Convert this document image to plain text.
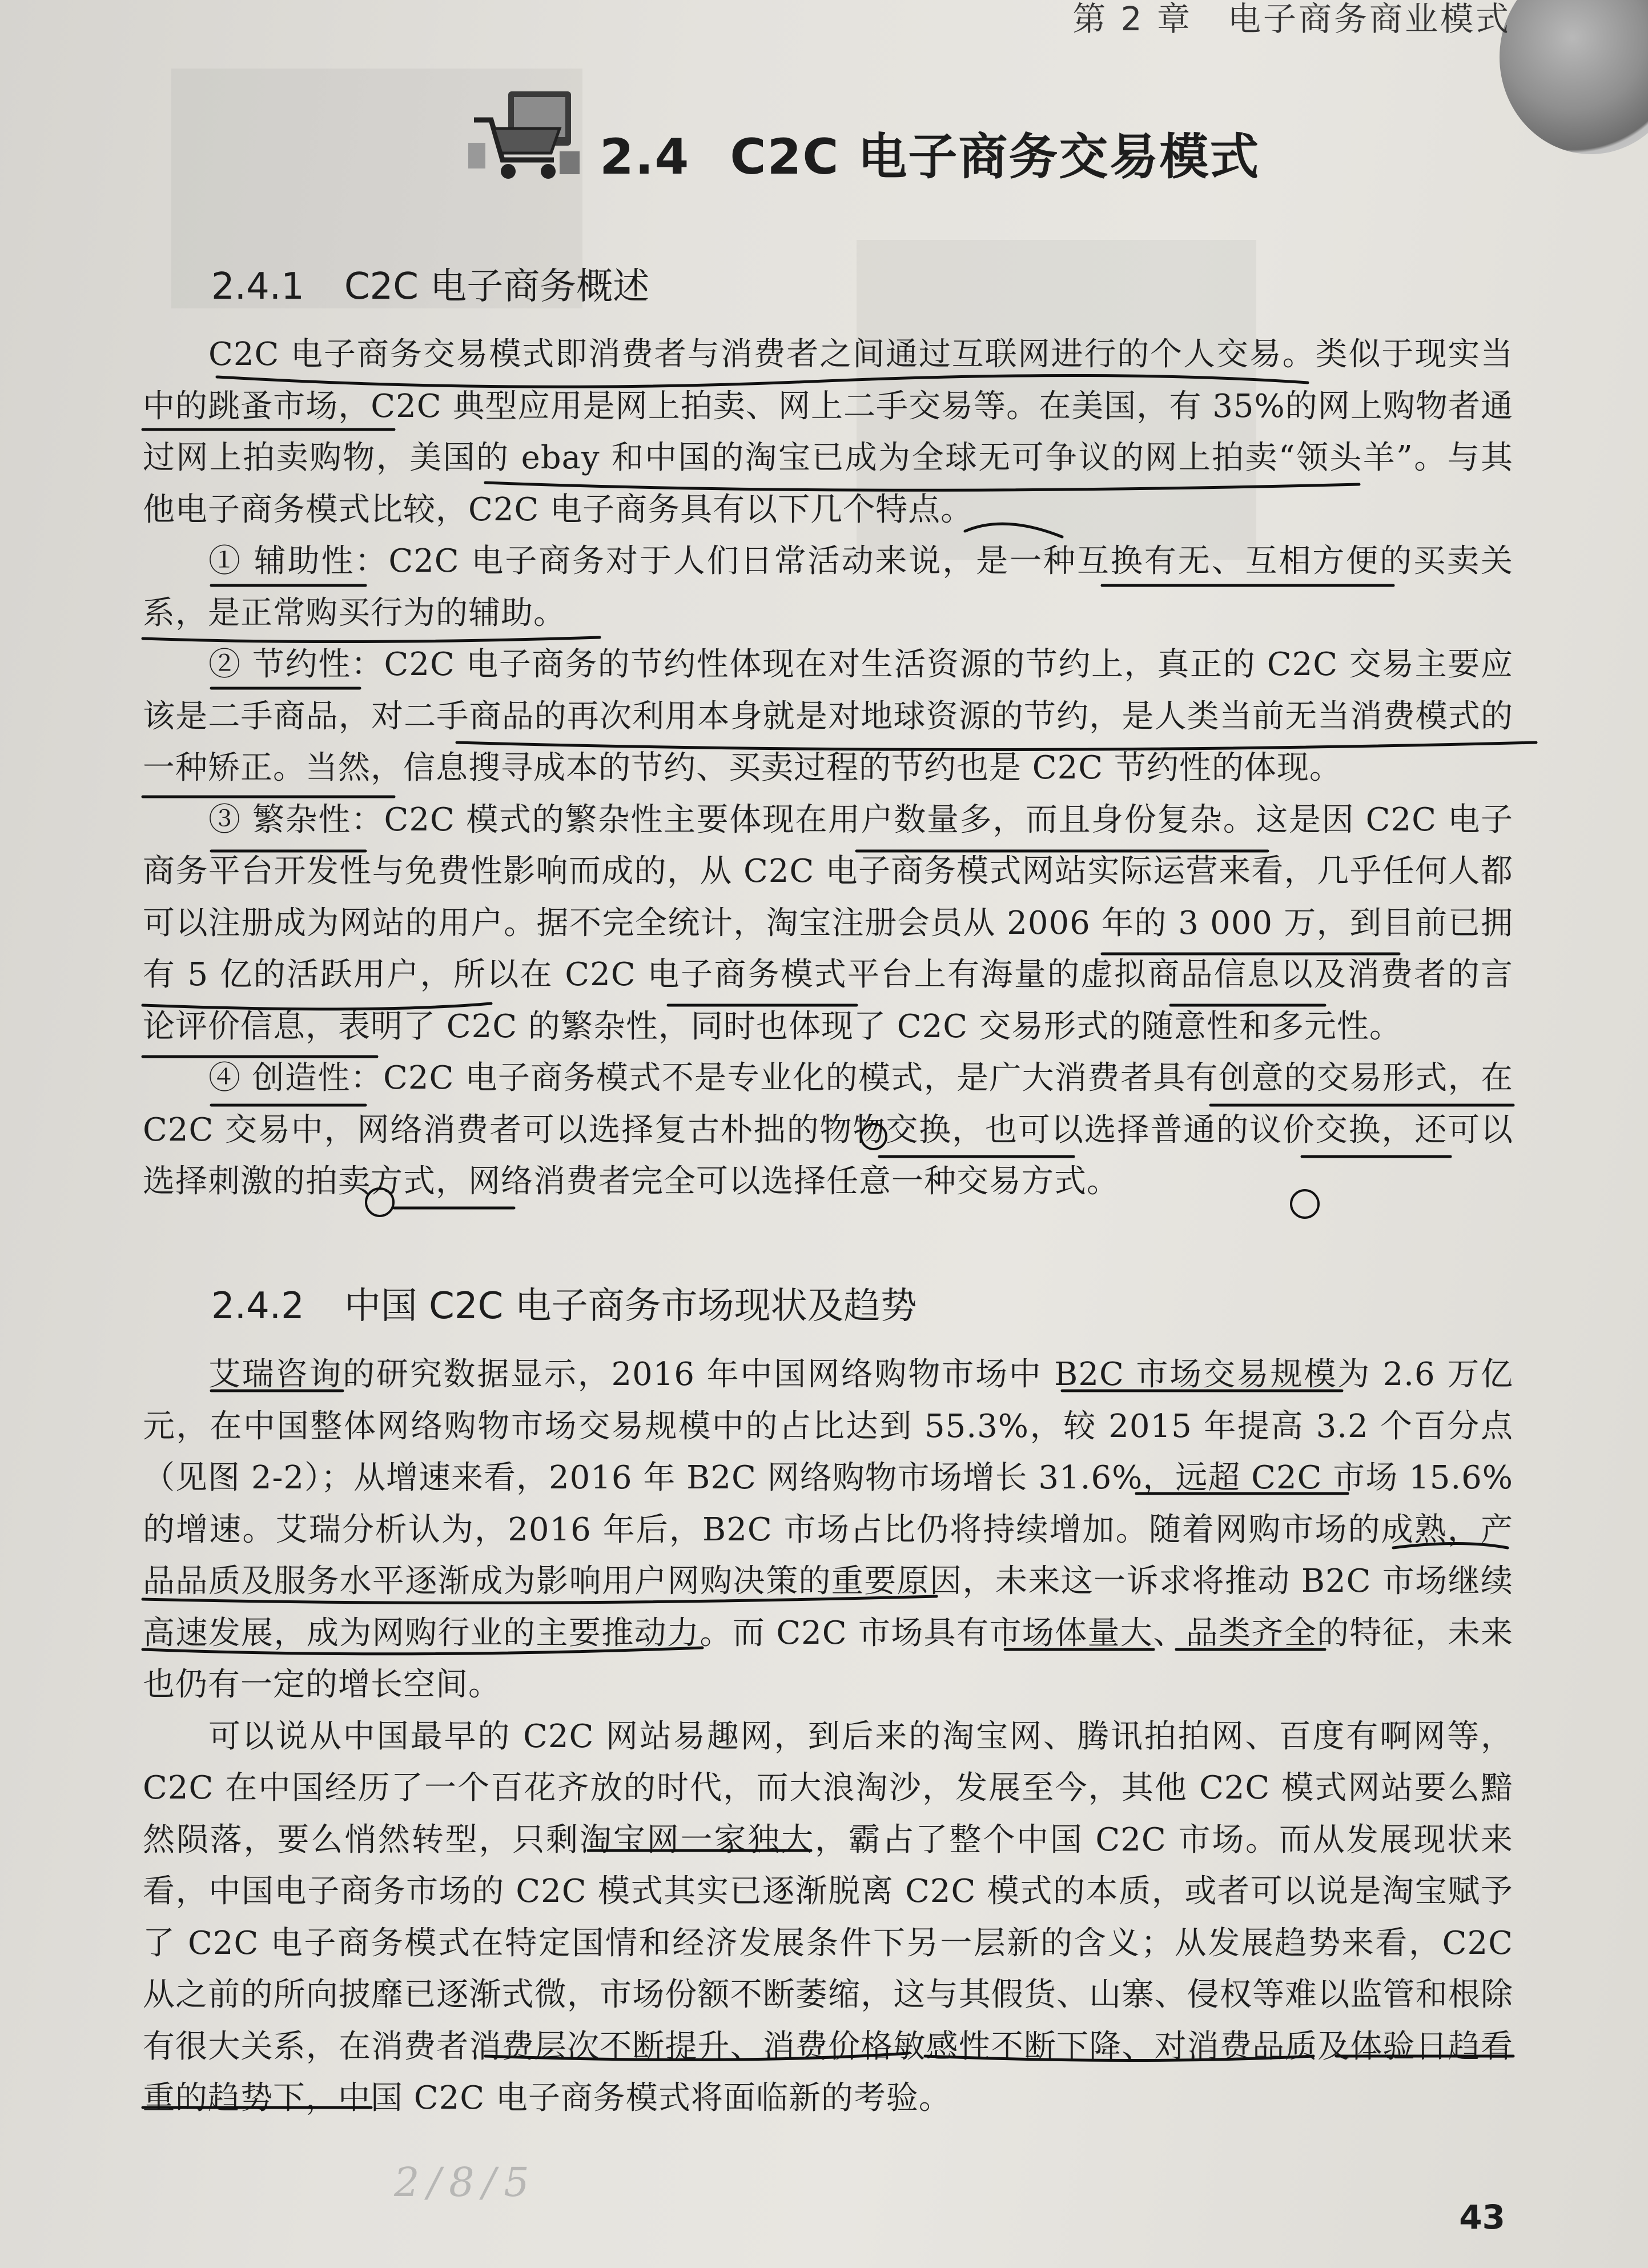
第 2 章　电子商务商业模式
2.4 C2C 电子商务交易模式
2.4.1 C2C 电子商务概述

C2C 电子商务交易模式即消费者与消费者之间通过互联网进行的个人交易。类似于现实当中的跳蚤市场，C2C 典型应用是网上拍卖、网上二手交易等。在美国，有 35%的网上购物者通过网上拍卖购物，美国的 ebay 和中国的淘宝已成为全球无可争议的网上拍卖“领头羊”。与其他电子商务模式比较，C2C 电子商务具有以下几个特点。

① 辅助性：C2C 电子商务对于人们日常活动来说，是一种互换有无、互相方便的买卖关系，是正常购买行为的辅助。

② 节约性：C2C 电子商务的节约性体现在对生活资源的节约上，真正的 C2C 交易主要应该是二手商品，对二手商品的再次利用本身就是对地球资源的节约，是人类当前无当消费模式的一种矫正。当然，信息搜寻成本的节约、买卖过程的节约也是 C2C 节约性的体现。

③ 繁杂性：C2C 模式的繁杂性主要体现在用户数量多，而且身份复杂。这是因 C2C 电子商务平台开发性与免费性影响而成的，从 C2C 电子商务模式网站实际运营来看，几乎任何人都可以注册成为网站的用户。据不完全统计，淘宝注册会员从 2006 年的 3 000 万，到目前已拥有 5 亿的活跃用户，所以在 C2C 电子商务模式平台上有海量的虚拟商品信息以及消费者的言论评价信息，表明了 C2C 的繁杂性，同时也体现了 C2C 交易形式的随意性和多元性。

④ 创造性：C2C 电子商务模式不是专业化的模式，是广大消费者具有创意的交易形式，在 C2C 交易中，网络消费者可以选择复古朴拙的物物交换，也可以选择普通的议价交换，还可以选择刺激的拍卖方式，网络消费者完全可以选择任意一种交易方式。

2.4.2 中国 C2C 电子商务市场现状及趋势

艾瑞咨询的研究数据显示，2016 年中国网络购物市场中 B2C 市场交易规模为 2.6 万亿元，在中国整体网络购物市场交易规模中的占比达到 55.3%，较 2015 年提高 3.2 个百分点（见图 2-2）；从增速来看，2016 年 B2C 网络购物市场增长 31.6%，远超 C2C 市场 15.6%的增速。艾瑞分析认为，2016 年后，B2C 市场占比仍将持续增加。随着网购市场的成熟，产品品质及服务水平逐渐成为影响用户网购决策的重要原因，未来这一诉求将推动 B2C 市场继续高速发展，成为网购行业的主要推动力。而 C2C 市场具有市场体量大、品类齐全的特征，未来也仍有一定的增长空间。

可以说从中国最早的 C2C 网站易趣网，到后来的淘宝网、腾讯拍拍网、百度有啊网等，C2C 在中国经历了一个百花齐放的时代，而大浪淘沙，发展至今，其他 C2C 模式网站要么黯然陨落，要么悄然转型，只剩淘宝网一家独大，霸占了整个中国 C2C 市场。而从发展现状来看，中国电子商务市场的 C2C 模式其实已逐渐脱离 C2C 模式的本质，或者可以说是淘宝赋予了 C2C 电子商务模式在特定国情和经济发展条件下另一层新的含义；从发展趋势来看，C2C 从之前的所向披靡已逐渐式微，市场份额不断萎缩，这与其假货、山寨、侵权等难以监管和根除有很大关系，在消费者消费层次不断提升、消费价格敏感性不断下降、对消费品质及体验日趋看重的趋势下，中国 C2C 电子商务模式将面临新的考验。

2/8/5
43
